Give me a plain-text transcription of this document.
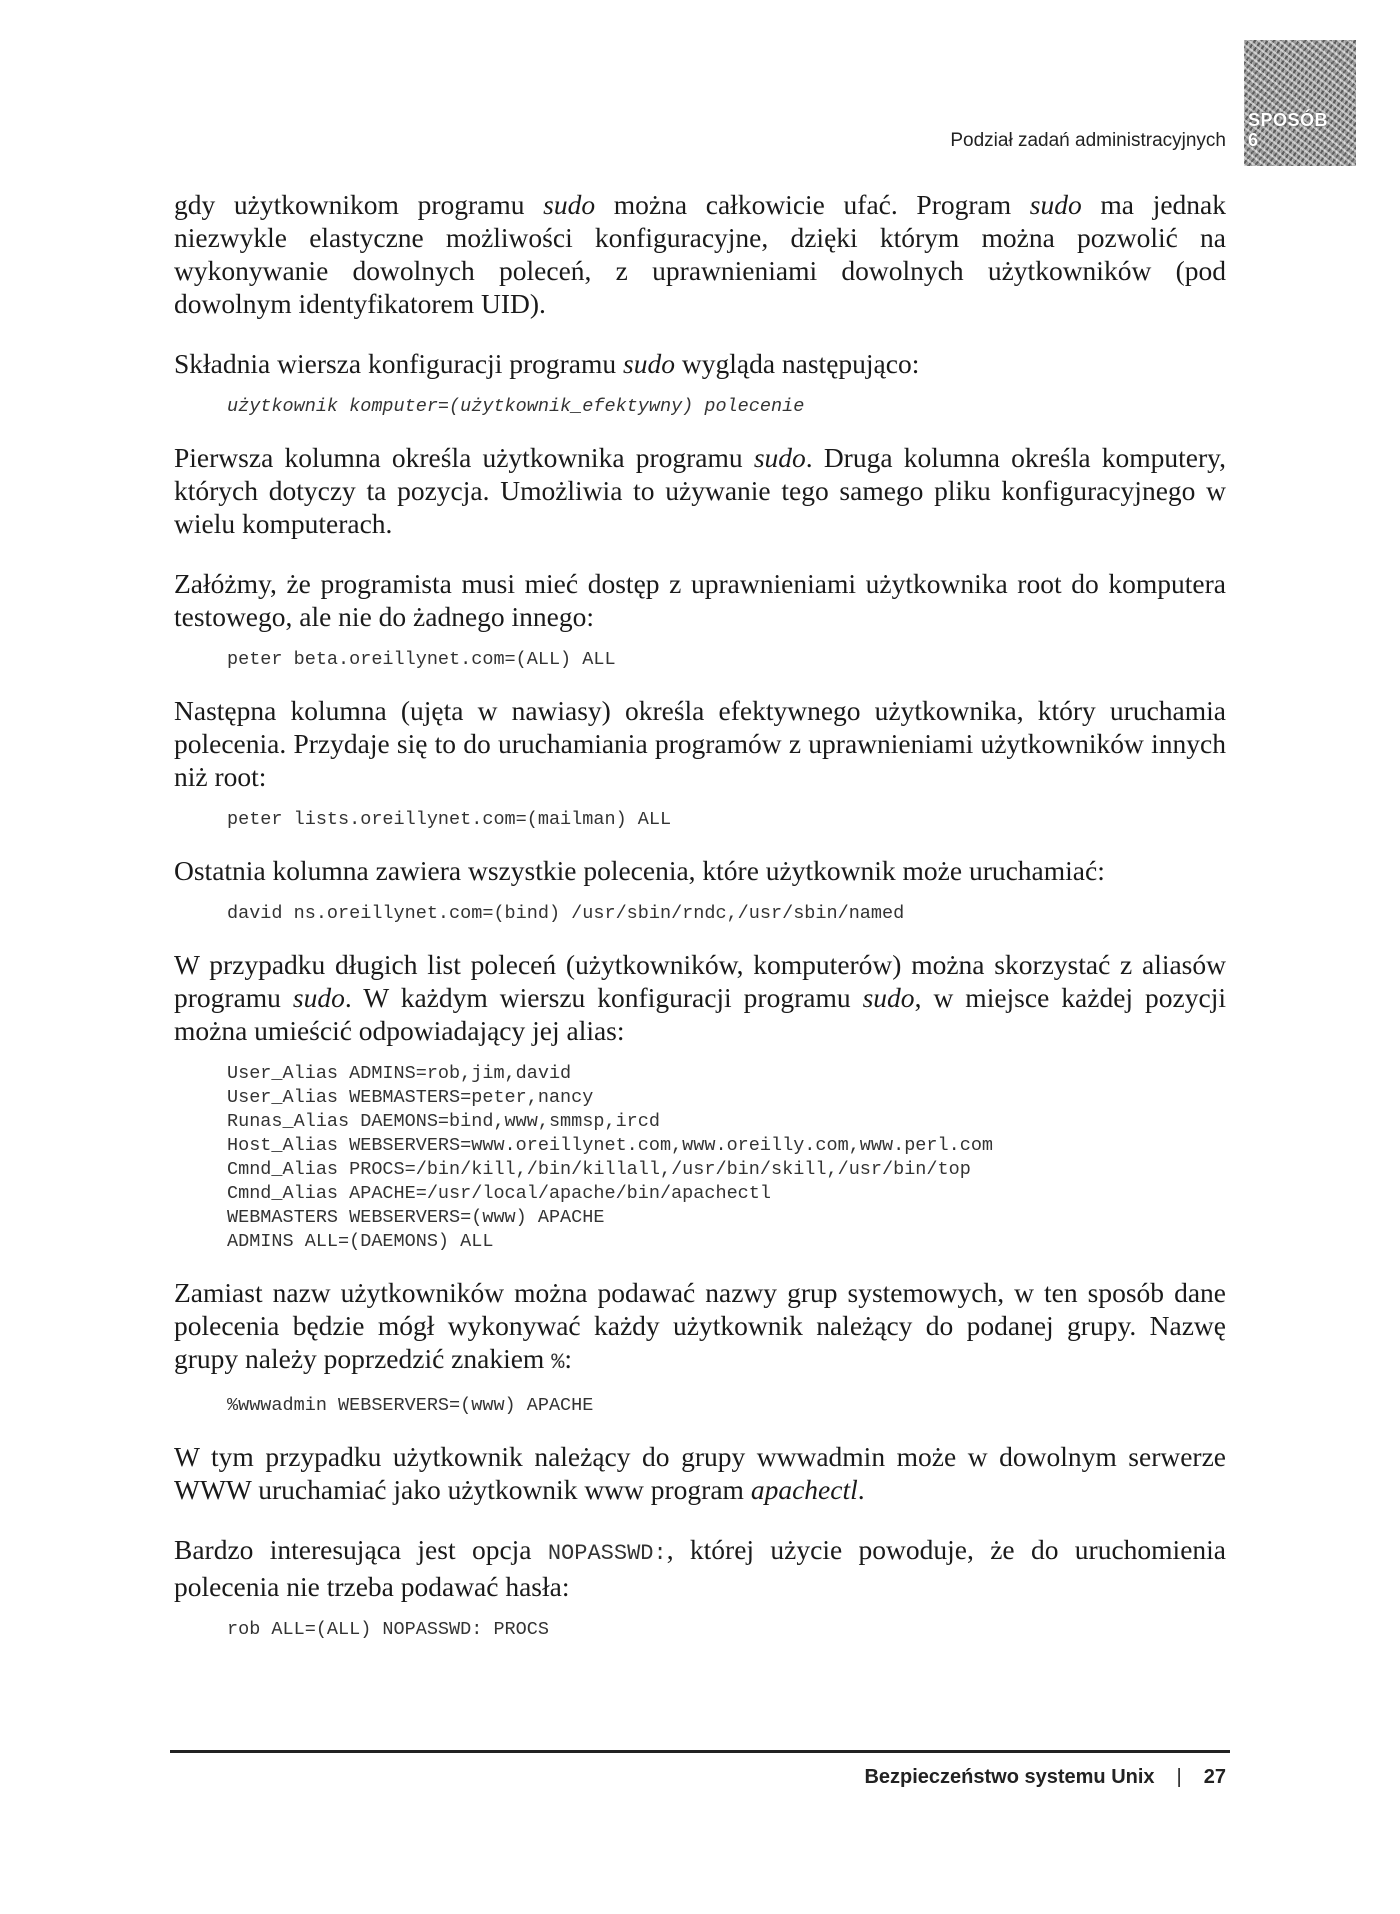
SPOSÓB
6
Podział zadań administracyjnych

gdy użytkownikom programu sudo można całkowicie ufać. Program sudo ma jednak niezwykle elastyczne możliwości konfiguracyjne, dzięki którym można pozwolić na wykonywanie dowolnych poleceń, z uprawnieniami dowolnych użytkowników (pod dowolnym identyfikatorem UID).

Składnia wiersza konfiguracji programu sudo wygląda następująco:

użytkownik komputer=(użytkownik_efektywny) polecenie

Pierwsza kolumna określa użytkownika programu sudo. Druga kolumna określa komputery, których dotyczy ta pozycja. Umożliwia to używanie tego samego pliku konfiguracyjnego w wielu komputerach.

Załóżmy, że programista musi mieć dostęp z uprawnieniami użytkownika root do komputera testowego, ale nie do żadnego innego:

peter beta.oreillynet.com=(ALL) ALL

Następna kolumna (ujęta w nawiasy) określa efektywnego użytkownika, który uruchamia polecenia. Przydaje się to do uruchamiania programów z uprawnieniami użytkowników innych niż root:

peter lists.oreillynet.com=(mailman) ALL

Ostatnia kolumna zawiera wszystkie polecenia, które użytkownik może uruchamiać:

david ns.oreillynet.com=(bind) /usr/sbin/rndc,/usr/sbin/named

W przypadku długich list poleceń (użytkowników, komputerów) można skorzystać z aliasów programu sudo. W każdym wierszu konfiguracji programu sudo, w miejsce każdej pozycji można umieścić odpowiadający jej alias:

User_Alias ADMINS=rob,jim,david
User_Alias WEBMASTERS=peter,nancy
Runas_Alias DAEMONS=bind,www,smmsp,ircd
Host_Alias WEBSERVERS=www.oreillynet.com,www.oreilly.com,www.perl.com
Cmnd_Alias PROCS=/bin/kill,/bin/killall,/usr/bin/skill,/usr/bin/top
Cmnd_Alias APACHE=/usr/local/apache/bin/apachectl
WEBMASTERS WEBSERVERS=(www) APACHE
ADMINS ALL=(DAEMONS) ALL

Zamiast nazw użytkowników można podawać nazwy grup systemowych, w ten sposób dane polecenia będzie mógł wykonywać każdy użytkownik należący do podanej grupy. Nazwę grupy należy poprzedzić znakiem %:

%wwwadmin WEBSERVERS=(www) APACHE

W tym przypadku użytkownik należący do grupy wwwadmin może w dowolnym serwerze WWW uruchamiać jako użytkownik www program apachectl.

Bardzo interesująca jest opcja NOPASSWD:, której użycie powoduje, że do uruchomienia polecenia nie trzeba podawać hasła:

rob ALL=(ALL) NOPASSWD: PROCS
Bezpieczeństwo systemu Unix | 27
